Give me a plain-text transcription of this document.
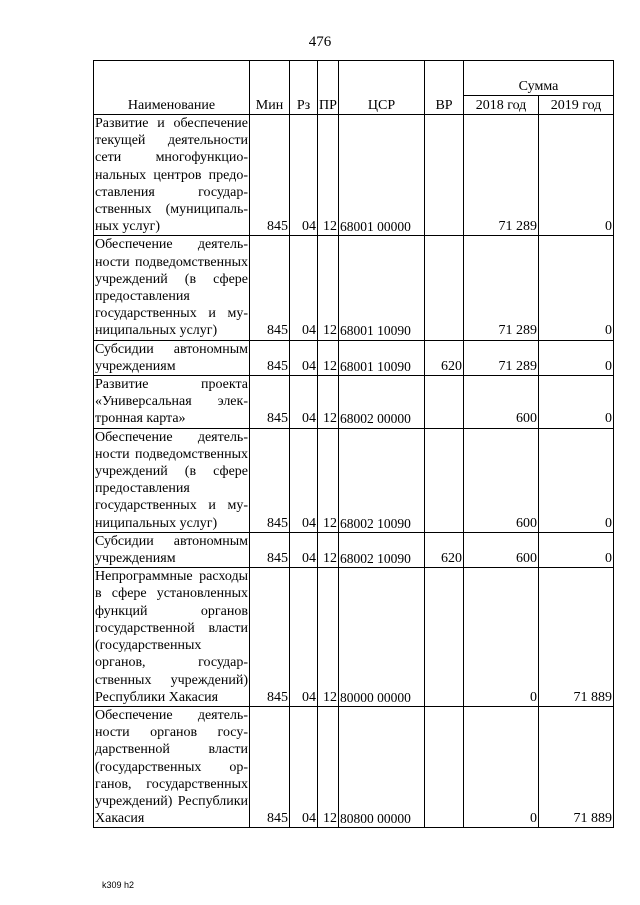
476
Наименование	Мин	Рз	ПР	ЦСР	ВР	Сумма	
						2018 год	2019 год
Развитие и обеспечение текущей деятельности сети многофункциональных центров предоставления государственных (муниципальных услуг)	845	04	12	68001 00000		71 289	0
Обеспечение деятельности подведомственных учреждений (в сфере предоставления государственных и муниципальных услуг)	845	04	12	68001 10090		71 289	0
Субсидии автономным учреждениям	845	04	12	68001 10090	620	71 289	0
Развитие проекта «Универсальная электронная карта»	845	04	12	68002 00000		600	0
Обеспечение деятельности подведомственных учреждений (в сфере предоставления государственных и муниципальных услуг)	845	04	12	68002 10090		600	0
Субсидии автономным учреждениям	845	04	12	68002 10090	620	600	0
Непрограммные расходы в сфере установленных функций органов государственной власти (государственных органов, государственных учреждений) Республики Хакасия	845	04	12	80000 00000		0	71 889
Обеспечение деятельности органов государственной власти (государственных органов, государственных учреждений) Республики Хакасия	845	04	12	80800 00000		0	71 889
k309 h2
